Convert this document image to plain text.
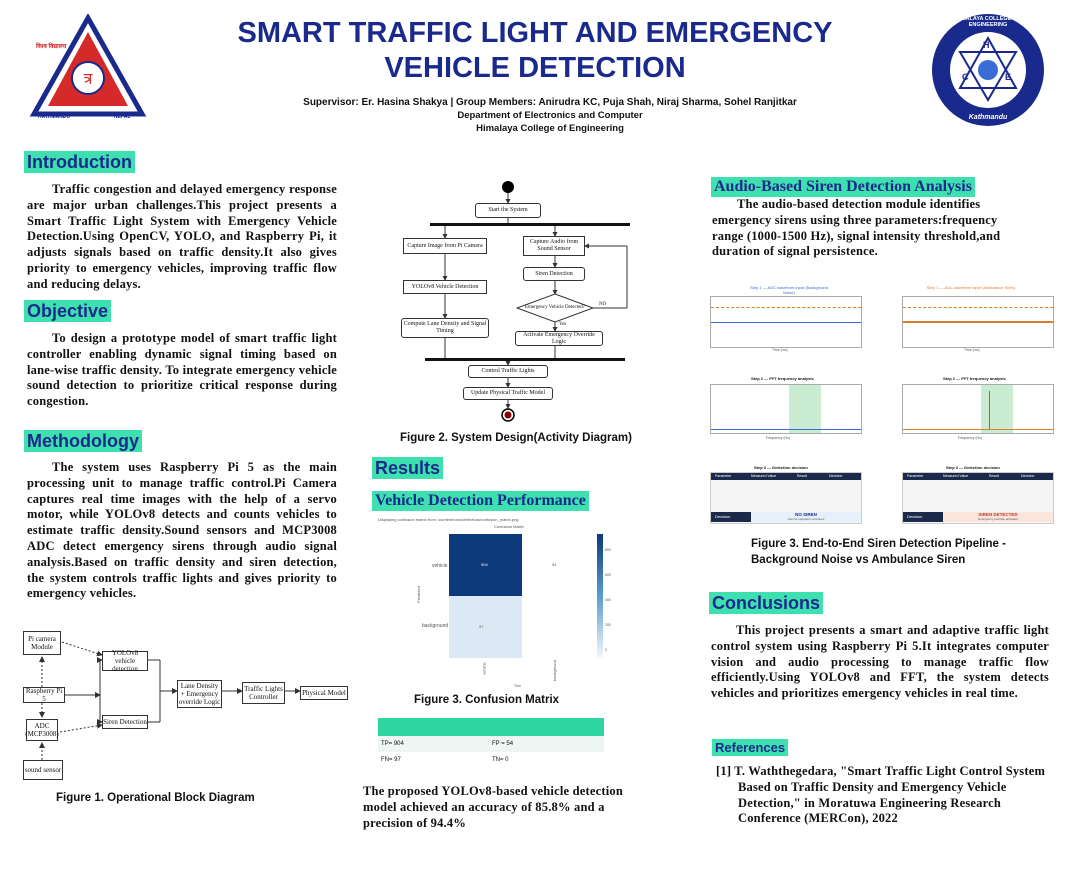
त्र
विश्व विद्यालय
KATHMANDU	NEPAL
SMART TRAFFIC LIGHT AND EMERGENCY
VEHICLE DETECTION
Supervisor: Er. Hasina Shakya | Group Members: Anirudra KC, Puja Shah, Niraj Sharma, Sohel Ranjitkar
Department of Electronics and Computer
Himalaya College of Engineering
H
C	E
HIMALAYA COLLEGE OF ENGINEERING
Kathmandu
Introduction
Traffic congestion and delayed emergency response are major urban challenges.This project presents a Smart Traffic Light System with Emergency Vehicle Detection.Using OpenCV, YOLO, and Raspberry Pi, it adjusts signals based on traffic density.It also gives priority to emergency vehicles, improving traffic flow and reducing delays.
Objective
To design a prototype model of smart traffic light controller enabling dynamic signal timing based on lane-wise traffic density. To integrate emergency vehicle sound detection to prioritize critical response during congestion.
Methodology
The system uses Raspberry Pi 5 as the main processing unit to manage traffic control.Pi Camera captures real time images with the help of a servo motor, while YOLOv8 detects and counts vehicles to estimate traffic density.Sound sensors and MCP3008 ADC detect emergency sirens through audio signal analysis.Based on traffic density and siren detection, the system controls traffic lights and gives priority to emergency vehicles.
Pi camera Module
Raspberry Pi 5
ADC (MCP3008)
sound sensor
YOLOv8 vehicle detection
Siren Detection
Lane Density + Emergency override Logic
Traffic Lights Controller	Physical Model
Figure 1. Operational Block Diagram
Start the System
Capture Image from Pi Camera
Capture Audio from Sound Sensor
Siren Detection
YOLOv8 Vehicle Detection
Emergency Vehicle Detected?
NO
Yes
Compute Lane Density and Signal Timing
Activate Emergency Override Logic
Control Traffic Lights
Update Physical Traffic Model
Figure 2. System Design(Activity Diagram)
Results
Vehicle Detection Performance
Displaying confusion matrix from: /content/runs/detect/val/confusion_matrix.png
Confusion Matrix
Predicted
vehicle
background
904	54
97
vehicle	background
True
800
600
400
200
0
Figure 3. Confusion Matrix
TP= 904	FP = 54
FN= 97	TN= 0
The proposed YOLOv8-based vehicle detection model achieved an accuracy of 85.8% and a precision of 94.4%
Audio-Based Siren Detection Analysis
The audio-based detection module identifies emergency sirens using three parameters:frequency range (1000-1500 Hz), signal intensity threshold,and duration of signal persistence.
Step 1 — ADC waveform input (Background Noise)
Time (ms)
Step 2 — FFT frequency analysis
Frequency (Hz)
Step 3 — Detection decision
Parameter	Measured Value	Result	Decision
Decision	NO SIREN
Normal operation continues
Step 1 — ADC waveform input (Ambulance Siren)
Time (ms)
Step 2 — FFT frequency analysis
Frequency (Hz)
Step 3 — Detection decision
Parameter	Measured Value	Result	Decision
Decision	SIREN DETECTED
Emergency override activated
Figure 3. End-to-End Siren Detection Pipeline -
Background Noise vs Ambulance Siren
Conclusions
This project presents a smart and adaptive traffic light control system using Raspberry Pi 5.It integrates computer vision and audio processing to manage traffic flow efficiently.Using YOLOv8 and FFT, the system detects vehicles and prioritizes emergency vehicles in real time.
References
[1] T. Waththegedara, "Smart Traffic Light Control System Based on Traffic Density and Emergency Vehicle Detection," in Moratuwa Engineering Research Conference (MERCon), 2022
